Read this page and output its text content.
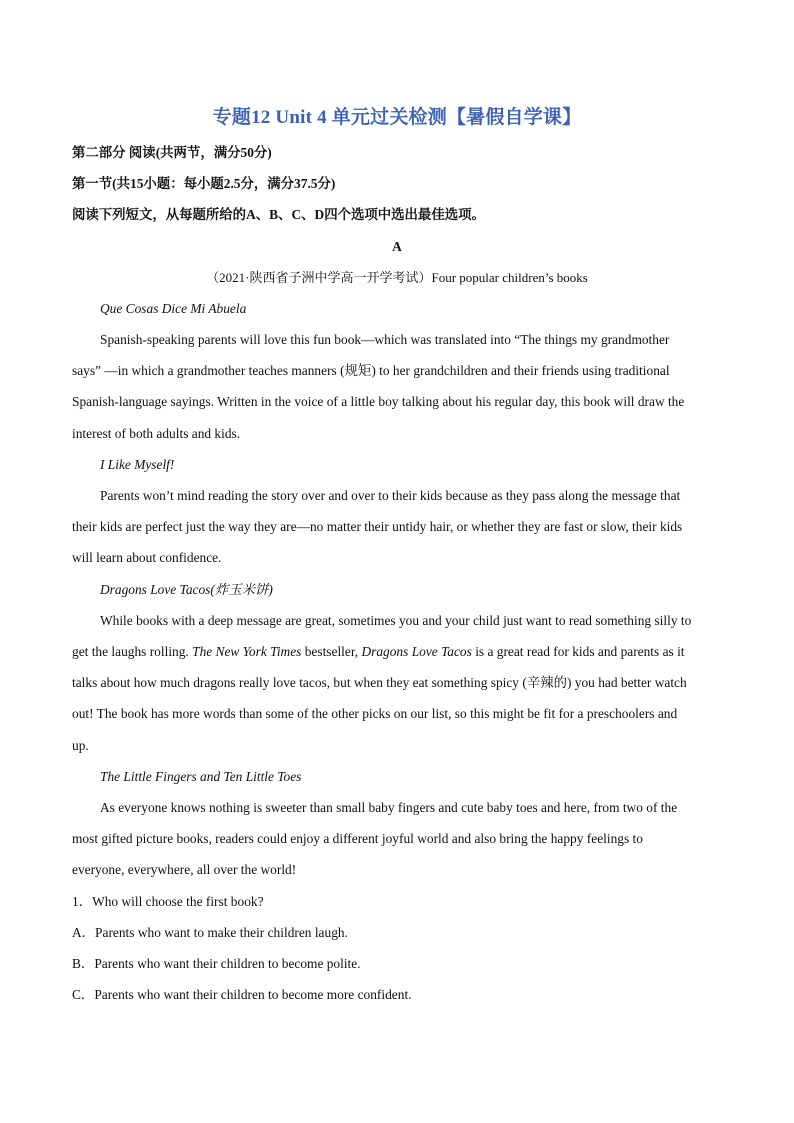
专题12 Unit 4 单元过关检测【暑假自学课】
第二部分 阅读(共两节，满分50分)
第一节(共15小题：每小题2.5分，满分37.5分)
阅读下列短文，从每题所给的A、B、C、D四个选项中选出最佳选项。
A
（2021·陕西省子洲中学高一开学考试）Four popular children’s books
Que Cosas Dice Mi Abuela
Spanish-speaking parents will love this fun book—which was translated into “The things my grandmother
says” —in which a grandmother teaches manners (规矩) to her grandchildren and their friends using traditional
Spanish-language sayings. Written in the voice of a little boy talking about his regular day, this book will draw the
interest of both adults and kids.
I Like Myself!
Parents won’t mind reading the story over and over to their kids because as they pass along the message that
their kids are perfect just the way they are—no matter their untidy hair, or whether they are fast or slow, their kids
will learn about confidence.
Dragons Love Tacos(炸玉米饼)
While books with a deep message are great, sometimes you and your child just want to read something silly to
get the laughs rolling. The New York Times bestseller, Dragons Love Tacos is a great read for kids and parents as it
talks about how much dragons really love tacos, but when they eat something spicy (辛辣的) you had better watch
out! The book has more words than some of the other picks on our list, so this might be fit for a preschoolers and
up.
The Little Fingers and Ten Little Toes
As everyone knows nothing is sweeter than small baby fingers and cute baby toes and here, from two of the
most gifted picture books, readers could enjoy a different joyful world and also bring the happy feelings to
everyone, everywhere, all over the world!
1．Who will choose the first book?
A．Parents who want to make their children laugh.
B．Parents who want their children to become polite.
C．Parents who want their children to become more confident.
